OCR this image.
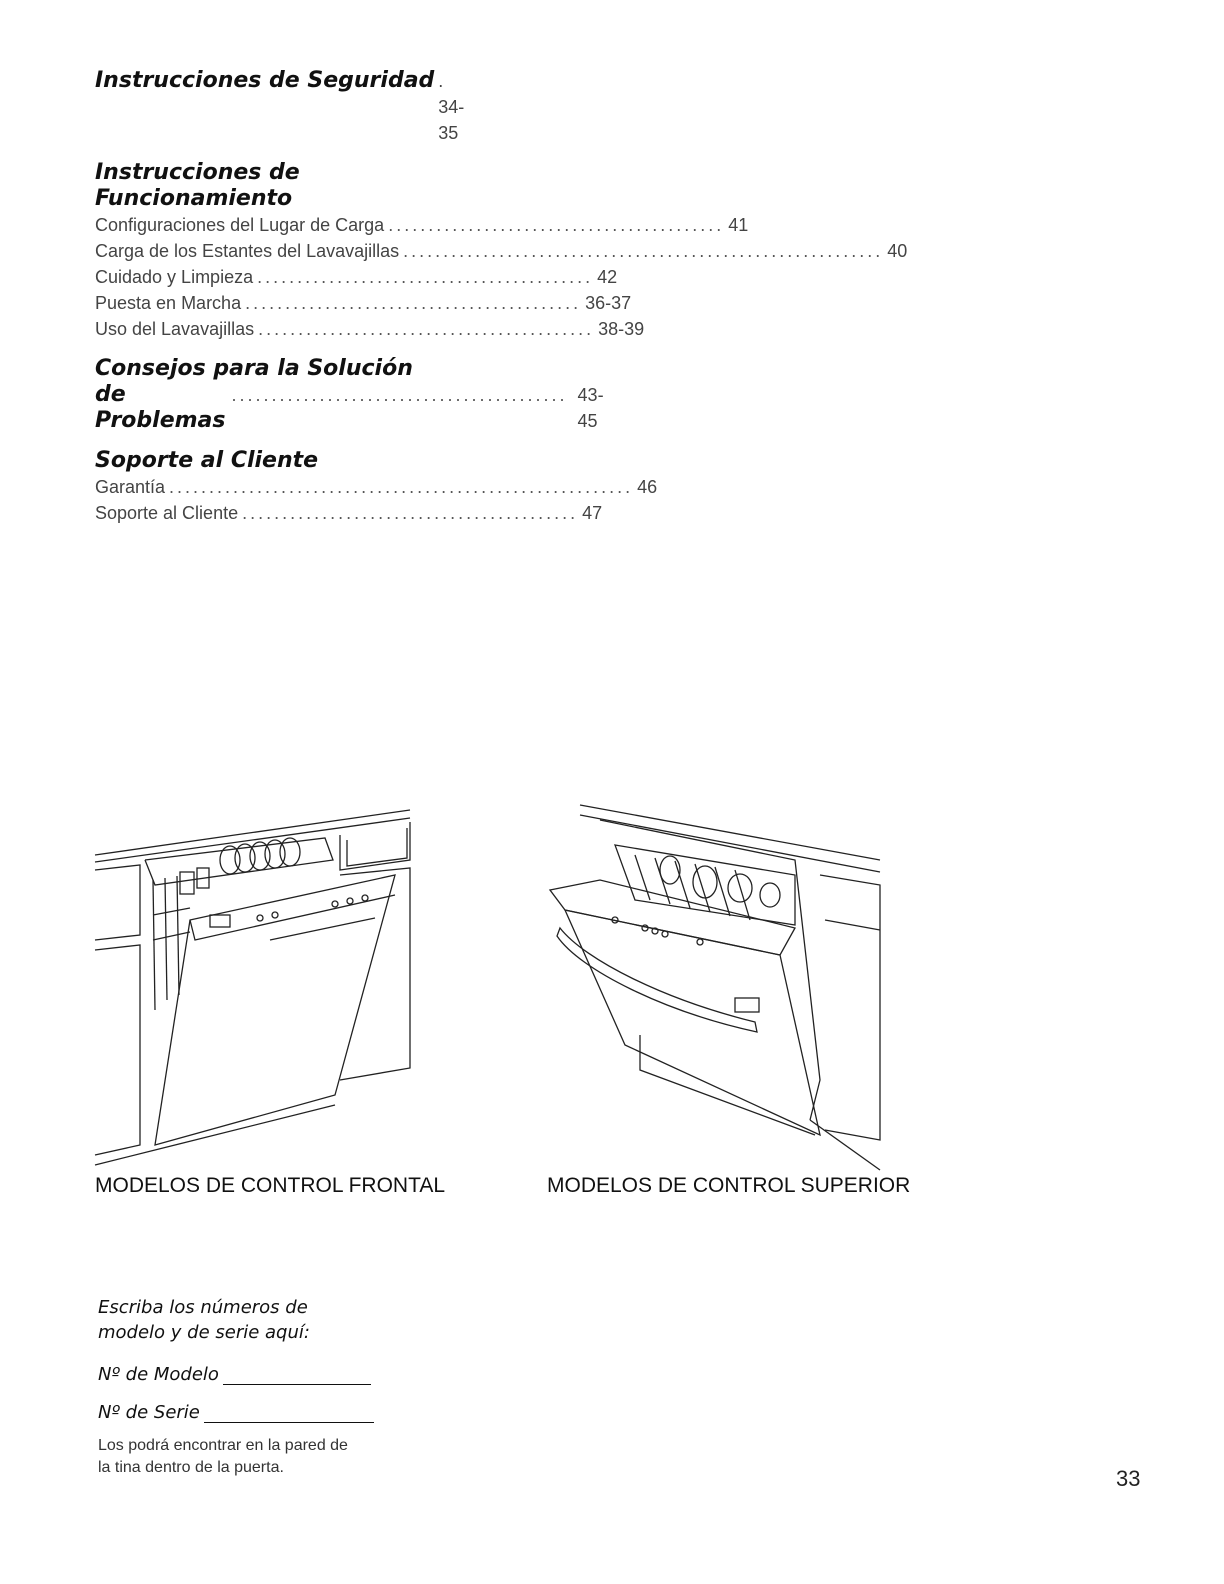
Instrucciones de Seguridad . 34-35
Instrucciones de Funcionamiento
Configuraciones del Lugar de Carga .......................................... 41
Carga de los Estantes del Lavavajillas ............................................................ 40
Cuidado y Limpieza .......................................... 42
Puesta en Marcha .......................................... 36-37
Uso del Lavavajillas .......................................... 38-39
Consejos para la Solución
de Problemas
.......................................... 43-45
Soporte al Cliente
Garantía .......................................................... 46
Soporte al Cliente .......................................... 47
MODELOS DE CONTROL FRONTAL	MODELOS DE CONTROL SUPERIOR
Escriba los números de
modelo y de serie aquí:
Nº de Modelo
Nº de Serie
Los podrá encontrar en la pared de
la tina dentro de la puerta.	33
